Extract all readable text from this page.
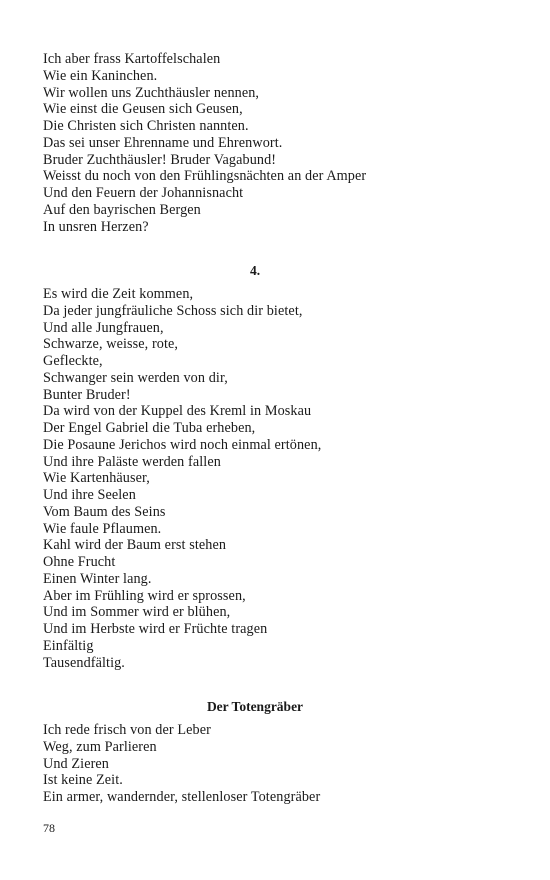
Ich aber frass Kartoffelschalen
Wie ein Kaninchen.
Wir wollen uns Zuchthäusler nennen,
Wie einst die Geusen sich Geusen,
Die Christen sich Christen nannten.
Das sei unser Ehrenname und Ehrenwort.
Bruder Zuchthäusler! Bruder Vagabund!
Weisst du noch von den Frühlingsnächten an der Amper
Und den Feuern der Johannisnacht
Auf den bayrischen Bergen
In unsren Herzen?
4.
Es wird die Zeit kommen,
Da jeder jungfräuliche Schoss sich dir bietet,
Und alle Jungfrauen,
Schwarze, weisse, rote,
Gefleckte,
Schwanger sein werden von dir,
Bunter Bruder!
Da wird von der Kuppel des Kreml in Moskau
Der Engel Gabriel die Tuba erheben,
Die Posaune Jerichos wird noch einmal ertönen,
Und ihre Paläste werden fallen
Wie Kartenhäuser,
Und ihre Seelen
Vom Baum des Seins
Wie faule Pflaumen.
Kahl wird der Baum erst stehen
Ohne Frucht
Einen Winter lang.
Aber im Frühling wird er sprossen,
Und im Sommer wird er blühen,
Und im Herbste wird er Früchte tragen
Einfältig
Tausendfältig.
Der Totengräber
Ich rede frisch von der Leber
Weg, zum Parlieren
Und Zieren
Ist keine Zeit.
Ein armer, wandernder, stellenloser Totengräber
78
